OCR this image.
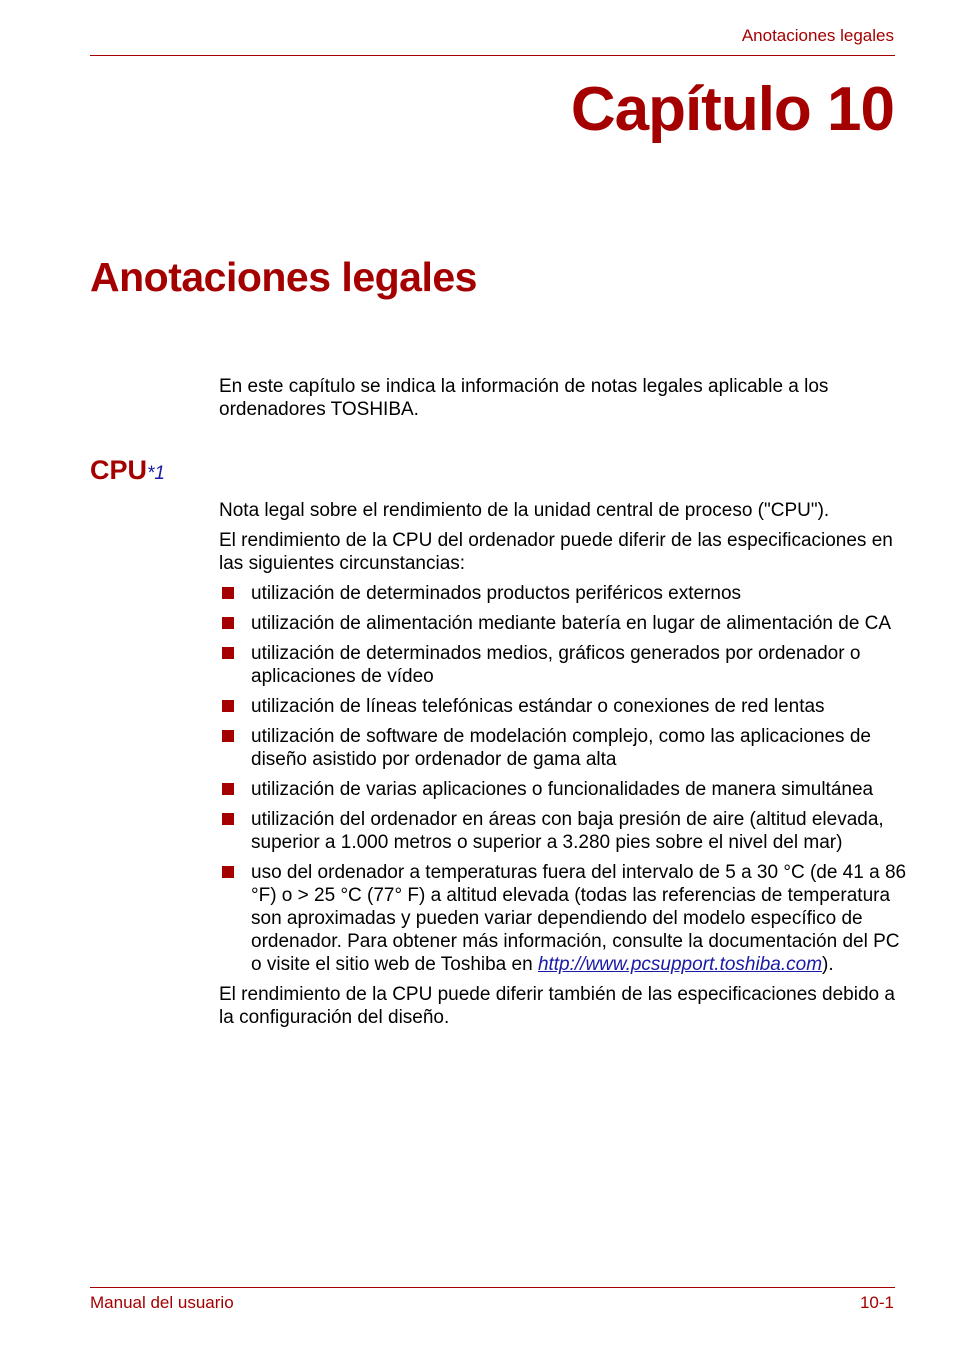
Anotaciones legales
Capítulo 10
Anotaciones legales

En este capítulo se indica la información de notas legales aplicable a los ordenadores TOSHIBA.

CPU*1

Nota legal sobre el rendimiento de la unidad central de proceso ("CPU").

El rendimiento de la CPU del ordenador puede diferir de las especificaciones en las siguientes circunstancias:

utilización de determinados productos periféricos externos
utilización de alimentación mediante batería en lugar de alimentación de CA
utilización de determinados medios, gráficos generados por ordenador o aplicaciones de vídeo
utilización de líneas telefónicas estándar o conexiones de red lentas
utilización de software de modelación complejo, como las aplicaciones de diseño asistido por ordenador de gama alta
utilización de varias aplicaciones o funcionalidades de manera simultánea
utilización del ordenador en áreas con baja presión de aire (altitud elevada, superior a 1.000 metros o superior a 3.280 pies sobre el nivel del mar)
uso del ordenador a temperaturas fuera del intervalo de 5 a 30 °C (de 41 a 86 °F) o > 25 °C (77° F) a altitud elevada (todas las referencias de temperatura son aproximadas y pueden variar dependiendo del modelo específico de ordenador. Para obtener más información, consulte la documentación del PC o visite el sitio web de Toshiba en http://www.pcsupport.toshiba.com).

El rendimiento de la CPU puede diferir también de las especificaciones debido a la configuración del diseño.

Manual del usuario	10-1
